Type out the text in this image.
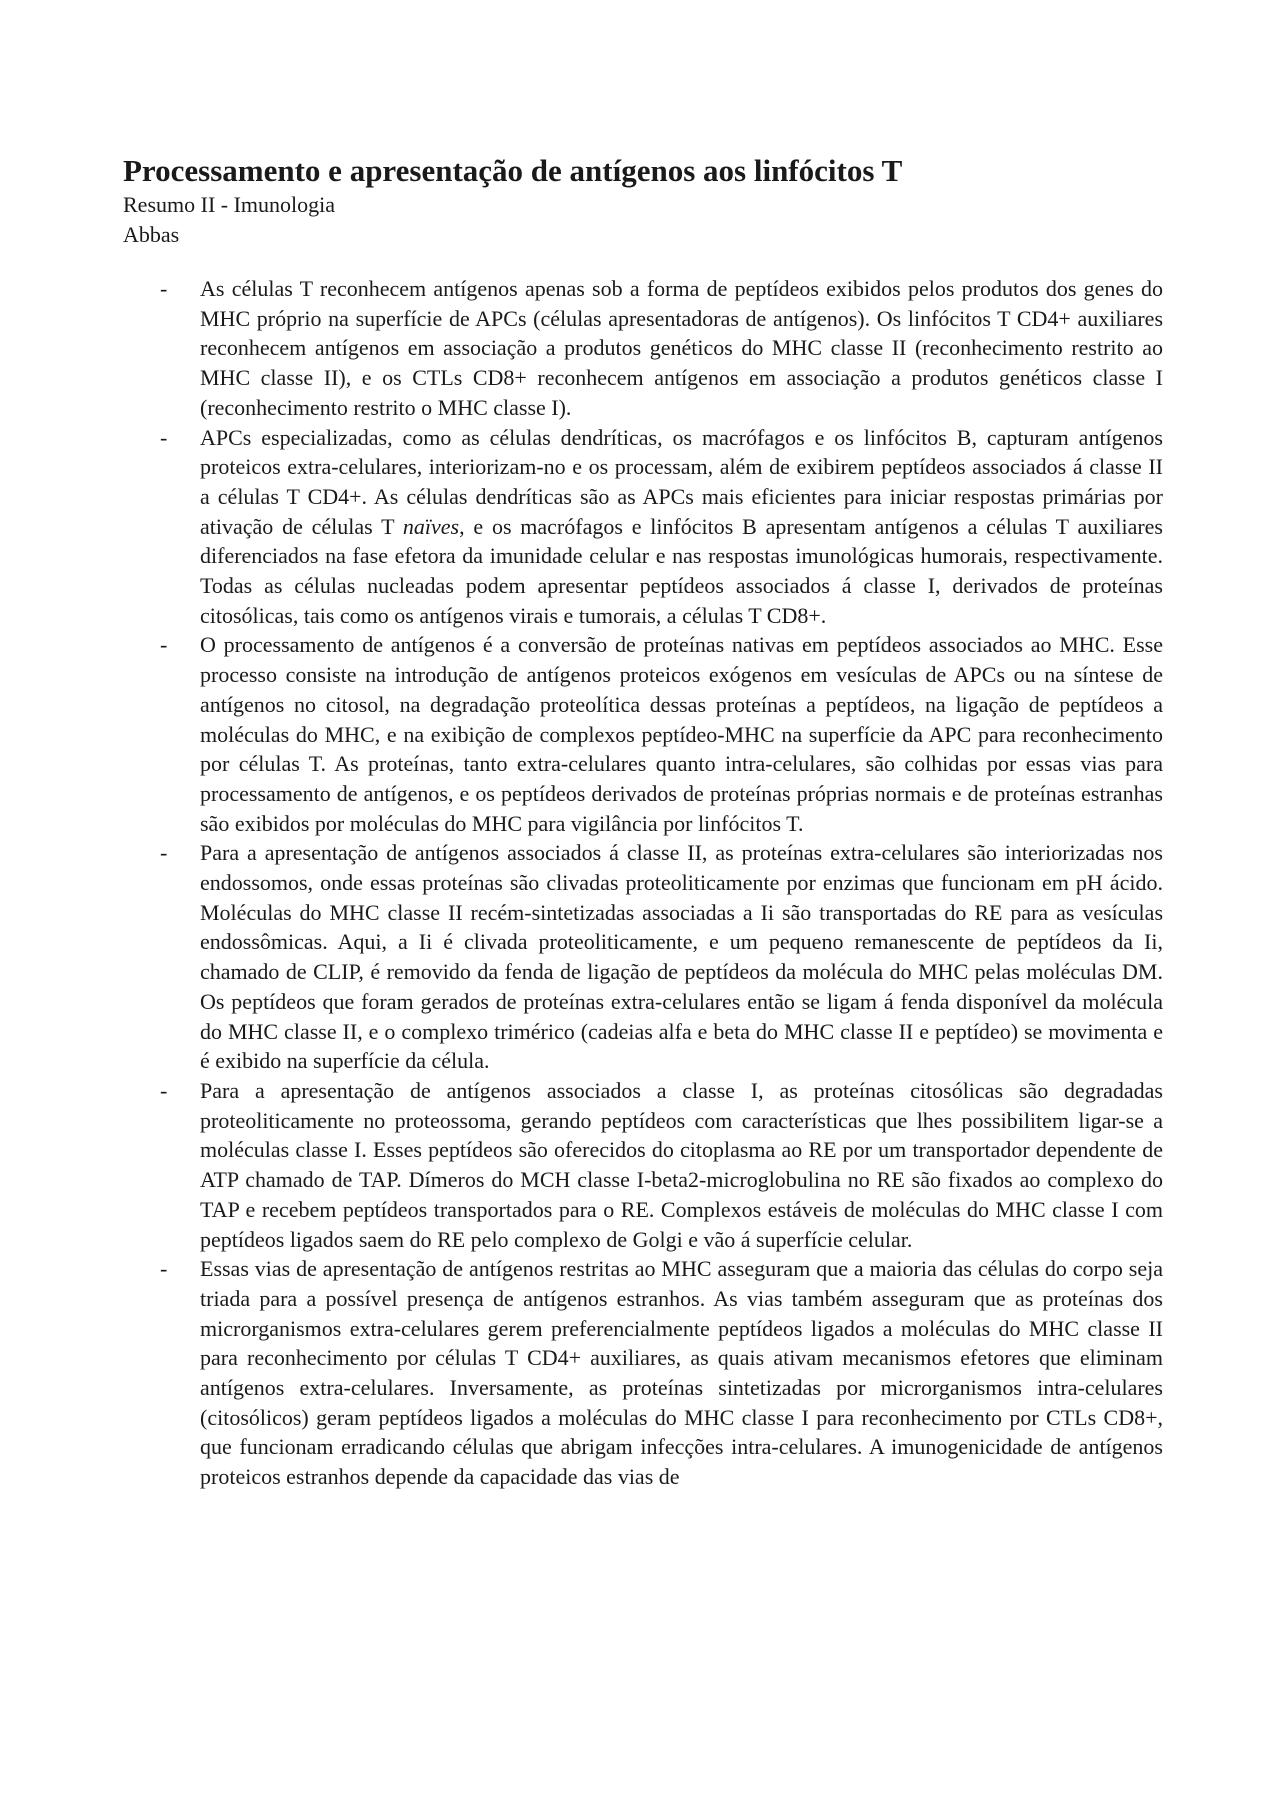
Processamento e apresentação de antígenos aos linfócitos T

Resumo II - Imunologia

Abbas

- As células T reconhecem antígenos apenas sob a forma de peptídeos exibidos pelos produtos dos genes do MHC próprio na superfície de APCs (células apresentadoras de antígenos). Os linfócitos T CD4+ auxiliares reconhecem antígenos em associação a produtos genéticos do MHC classe II (reconhecimento restrito ao MHC classe II), e os CTLs CD8+ reconhecem antígenos em associação a produtos genéticos classe I (reconhecimento restrito o MHC classe I).
- APCs especializadas, como as células dendríticas, os macrófagos e os linfócitos B, capturam antígenos proteicos extra-celulares, interiorizam-no e os processam, além de exibirem peptídeos associados á classe II a células T CD4+. As células dendríticas são as APCs mais eficientes para iniciar respostas primárias por ativação de células T naïves, e os macrófagos e linfócitos B apresentam antígenos a células T auxiliares diferenciados na fase efetora da imunidade celular e nas respostas imunológicas humorais, respectivamente. Todas as células nucleadas podem apresentar peptídeos associados á classe I, derivados de proteínas citosólicas, tais como os antígenos virais e tumorais, a células T CD8+.
- O processamento de antígenos é a conversão de proteínas nativas em peptídeos associados ao MHC. Esse processo consiste na introdução de antígenos proteicos exógenos em vesículas de APCs ou na síntese de antígenos no citosol, na degradação proteolítica dessas proteínas a peptídeos, na ligação de peptídeos a moléculas do MHC, e na exibição de complexos peptídeo-MHC na superfície da APC para reconhecimento por células T. As proteínas, tanto extra-celulares quanto intra-celulares, são colhidas por essas vias para processamento de antígenos, e os peptídeos derivados de proteínas próprias normais e de proteínas estranhas são exibidos por moléculas do MHC para vigilância por linfócitos T.
- Para a apresentação de antígenos associados á classe II, as proteínas extra-celulares são interiorizadas nos endossomos, onde essas proteínas são clivadas proteoliticamente por enzimas que funcionam em pH ácido. Moléculas do MHC classe II recém-sintetizadas associadas a Ii são transportadas do RE para as vesículas endossômicas. Aqui, a Ii é clivada proteoliticamente, e um pequeno remanescente de peptídeos da Ii, chamado de CLIP, é removido da fenda de ligação de peptídeos da molécula do MHC pelas moléculas DM. Os peptídeos que foram gerados de proteínas extra-celulares então se ligam á fenda disponível da molécula do MHC classe II, e o complexo trimérico (cadeias alfa e beta do MHC classe II e peptídeo) se movimenta e é exibido na superfície da célula.
- Para a apresentação de antígenos associados a classe I, as proteínas citosólicas são degradadas proteoliticamente no proteossoma, gerando peptídeos com características que lhes possibilitem ligar-se a moléculas classe I. Esses peptídeos são oferecidos do citoplasma ao RE por um transportador dependente de ATP chamado de TAP. Dímeros do MCH classe I-beta2-microglobulina no RE são fixados ao complexo do TAP e recebem peptídeos transportados para o RE. Complexos estáveis de moléculas do MHC classe I com peptídeos ligados saem do RE pelo complexo de Golgi e vão á superfície celular.
- Essas vias de apresentação de antígenos restritas ao MHC asseguram que a maioria das células do corpo seja triada para a possível presença de antígenos estranhos. As vias também asseguram que as proteínas dos microrganismos extra-celulares gerem preferencialmente peptídeos ligados a moléculas do MHC classe II para reconhecimento por células T CD4+ auxiliares, as quais ativam mecanismos efetores que eliminam antígenos extra-celulares. Inversamente, as proteínas sintetizadas por microrganismos intra-celulares (citosólicos) geram peptídeos ligados a moléculas do MHC classe I para reconhecimento por CTLs CD8+, que funcionam erradicando células que abrigam infecções intra-celulares. A imunogenicidade de antígenos proteicos estranhos depende da capacidade das vias de
